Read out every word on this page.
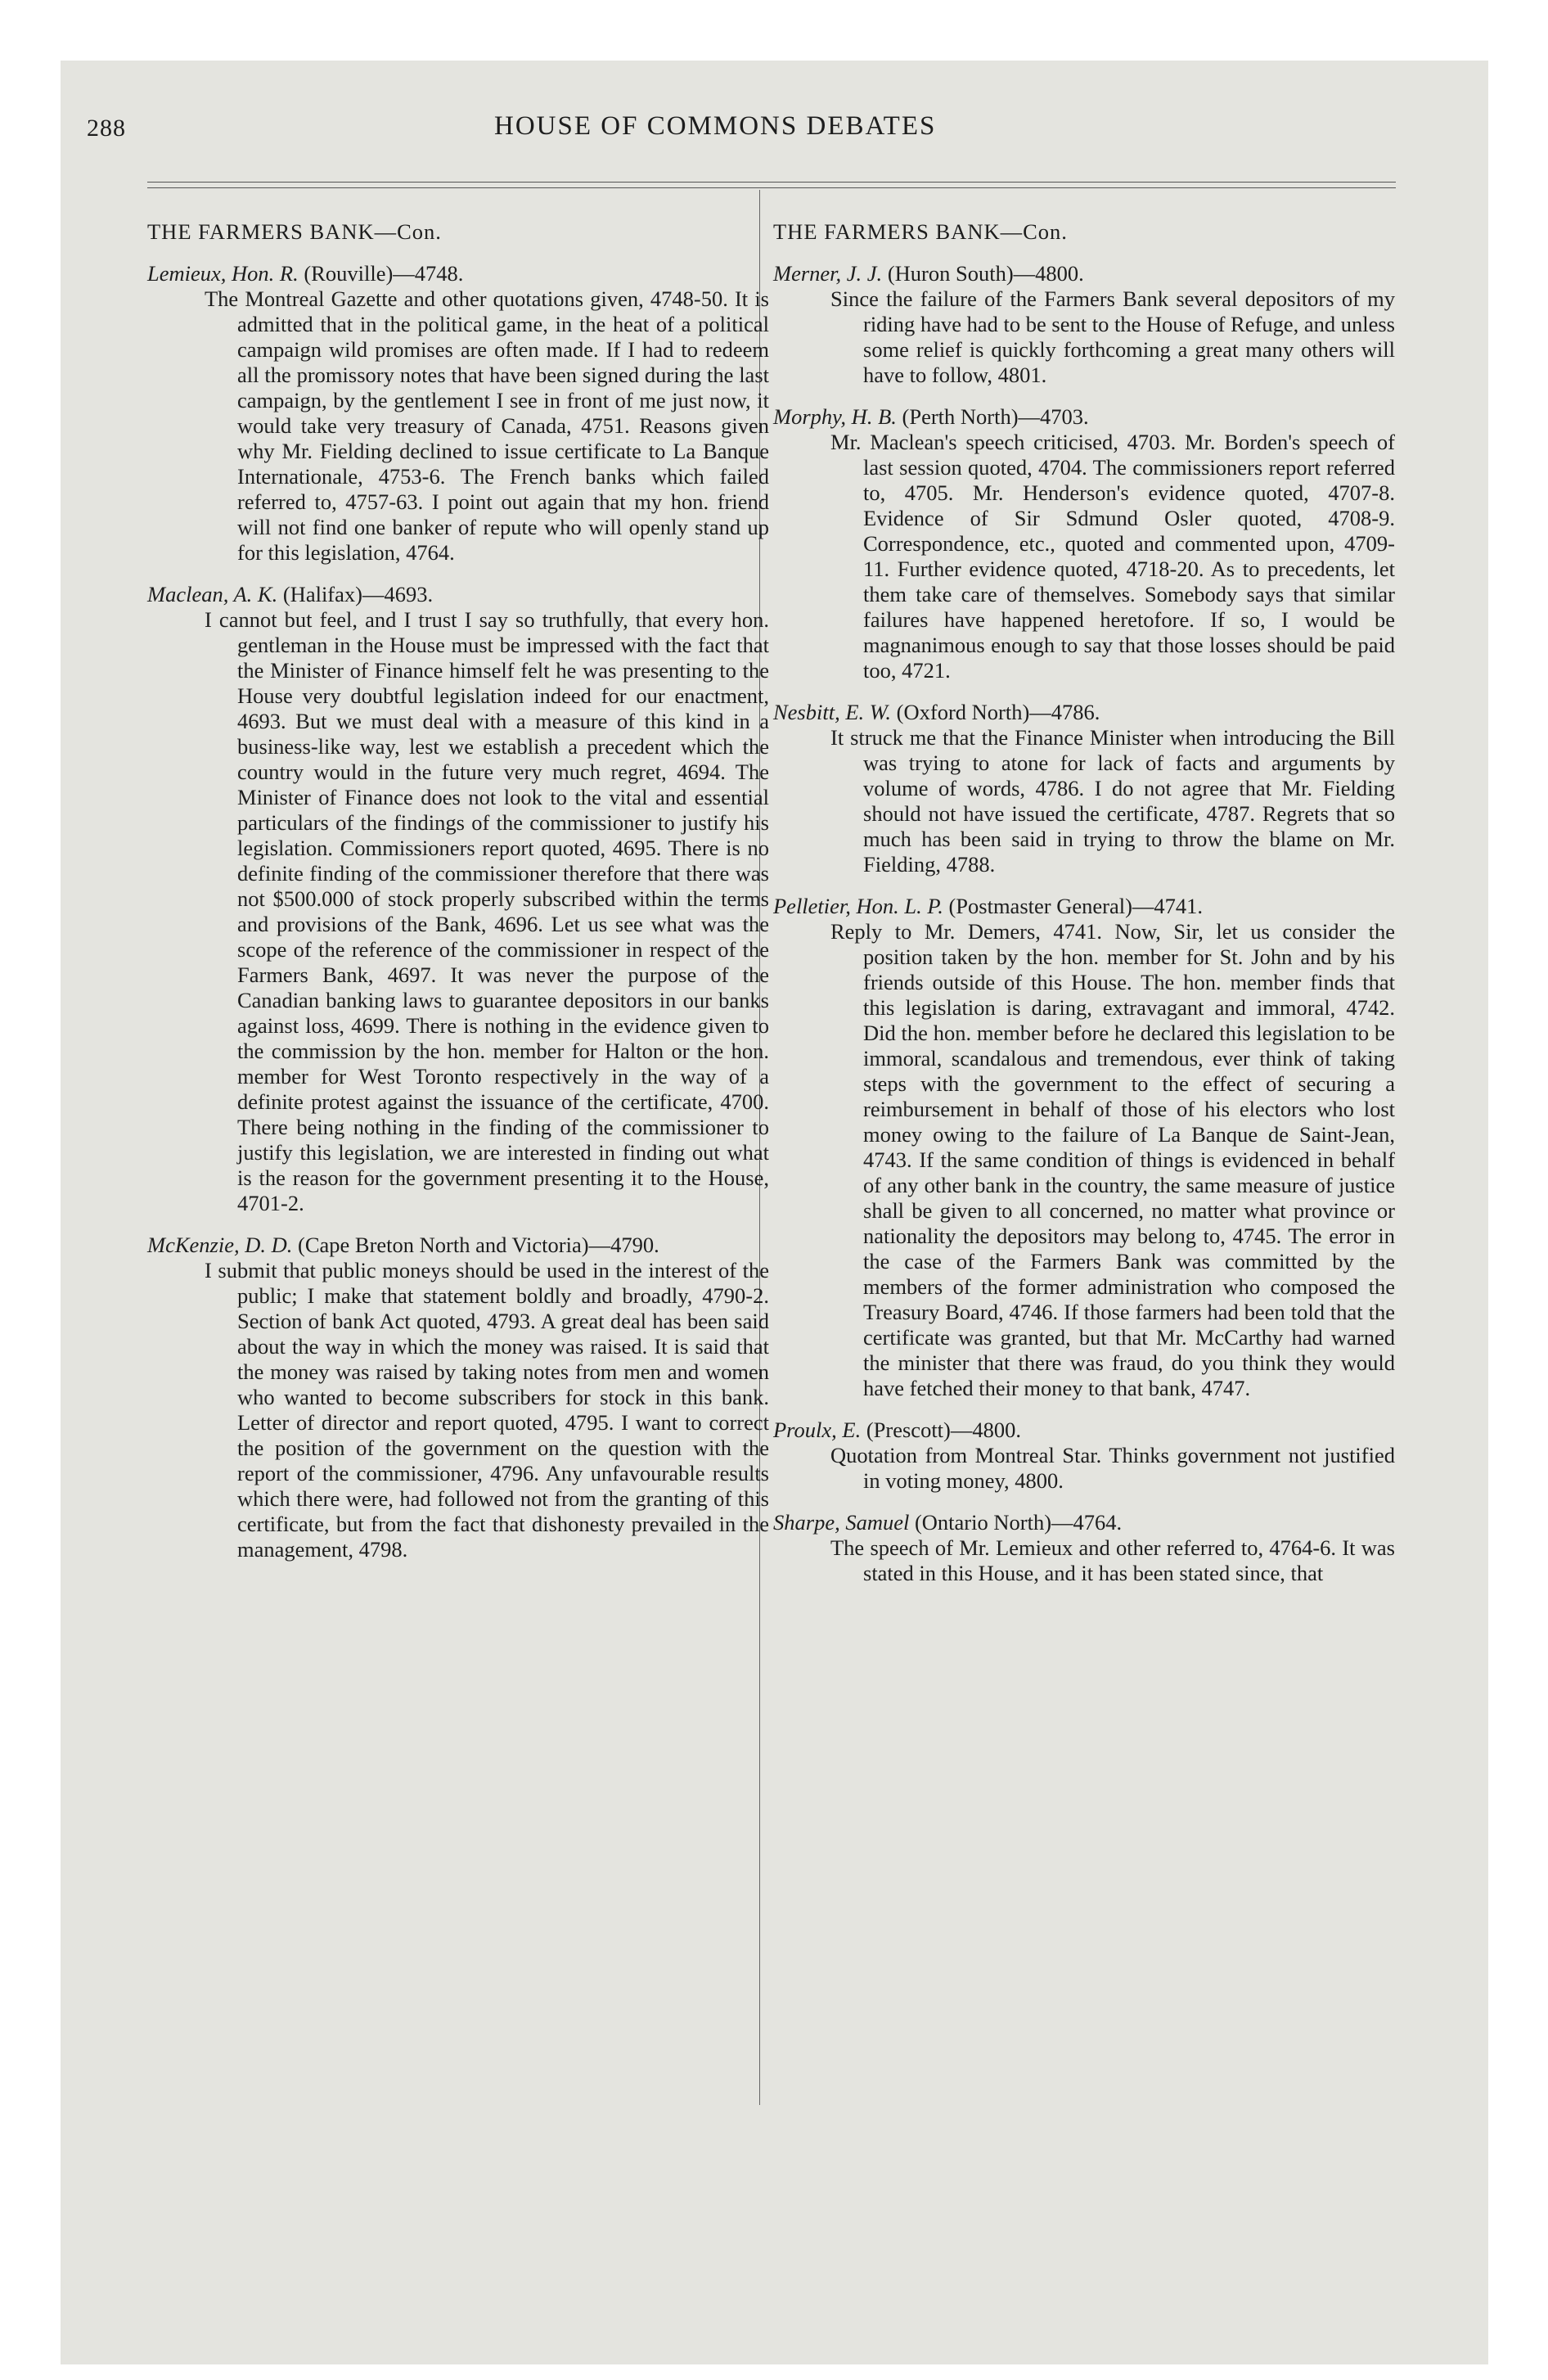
288	HOUSE OF COMMONS DEBATES
THE FARMERS BANK—Con.
Lemieux, Hon. R. (Rouville)—4748.
The Montreal Gazette and other quotations given, 4748-50. It is admitted that in the political game, in the heat of a political campaign wild promises are often made. If I had to redeem all the promissory notes that have been signed during the last campaign, by the gentlement I see in front of me just now, it would take very treasury of Canada, 4751. Reasons given why Mr. Fielding declined to issue certificate to La Banque Internationale, 4753-6. The French banks which failed referred to, 4757-63. I point out again that my hon. friend will not find one banker of repute who will openly stand up for this legislation, 4764.
Maclean, A. K. (Halifax)—4693.
I cannot but feel, and I trust I say so truthfully, that every hon. gentleman in the House must be impressed with the fact that the Minister of Finance himself felt he was presenting to the House very doubtful legislation indeed for our enactment, 4693. But we must deal with a measure of this kind in a business-like way, lest we establish a precedent which the country would in the future very much regret, 4694. The Minister of Finance does not look to the vital and essential particulars of the findings of the commissioner to justify his legislation. Commissioners report quoted, 4695. There is no definite finding of the commissioner therefore that there was not $500.000 of stock properly subscribed within the terms and provisions of the Bank, 4696. Let us see what was the scope of the reference of the commissioner in respect of the Farmers Bank, 4697. It was never the purpose of the Canadian banking laws to guarantee depositors in our banks against loss, 4699. There is nothing in the evidence given to the commission by the hon. member for Halton or the hon. member for West Toronto respectively in the way of a definite protest against the issuance of the certificate, 4700. There being nothing in the finding of the commissioner to justify this legislation, we are interested in finding out what is the reason for the government presenting it to the House, 4701-2.
McKenzie, D. D. (Cape Breton North and Victoria)—4790.
I submit that public moneys should be used in the interest of the public; I make that statement boldly and broadly, 4790-2. Section of bank Act quoted, 4793. A great deal has been said about the way in which the money was raised. It is said that the money was raised by taking notes from men and women who wanted to become subscribers for stock in this bank. Letter of director and report quoted, 4795. I want to correct the position of the government on the question with the report of the commissioner, 4796. Any unfavourable results which there were, had followed not from the granting of this certificate, but from the fact that dishonesty prevailed in the management, 4798.
THE FARMERS BANK—Con.
Merner, J. J. (Huron South)—4800.
Since the failure of the Farmers Bank several depositors of my riding have had to be sent to the House of Refuge, and unless some relief is quickly forthcoming a great many others will have to follow, 4801.
Morphy, H. B. (Perth North)—4703.
Mr. Maclean's speech criticised, 4703. Mr. Borden's speech of last session quoted, 4704. The commissioners report referred to, 4705. Mr. Henderson's evidence quoted, 4707-8. Evidence of Sir Sdmund Osler quoted, 4708-9. Correspondence, etc., quoted and commented upon, 4709-11. Further evidence quoted, 4718-20. As to precedents, let them take care of themselves. Somebody says that similar failures have happened heretofore. If so, I would be magnanimous enough to say that those losses should be paid too, 4721.
Nesbitt, E. W. (Oxford North)—4786.
It struck me that the Finance Minister when introducing the Bill was trying to atone for lack of facts and arguments by volume of words, 4786. I do not agree that Mr. Fielding should not have issued the certificate, 4787. Regrets that so much has been said in trying to throw the blame on Mr. Fielding, 4788.
Pelletier, Hon. L. P. (Postmaster General)—4741.
Reply to Mr. Demers, 4741. Now, Sir, let us consider the position taken by the hon. member for St. John and by his friends outside of this House. The hon. member finds that this legislation is daring, extravagant and immoral, 4742. Did the hon. member before he declared this legislation to be immoral, scandalous and tremendous, ever think of taking steps with the government to the effect of securing a reimbursement in behalf of those of his electors who lost money owing to the failure of La Banque de Saint-Jean, 4743. If the same condition of things is evidenced in behalf of any other bank in the country, the same measure of justice shall be given to all concerned, no matter what province or nationality the depositors may belong to, 4745. The error in the case of the Farmers Bank was committed by the members of the former administration who composed the Treasury Board, 4746. If those farmers had been told that the certificate was granted, but that Mr. McCarthy had warned the minister that there was fraud, do you think they would have fetched their money to that bank, 4747.
Proulx, E. (Prescott)—4800.
Quotation from Montreal Star. Thinks government not justified in voting money, 4800.
Sharpe, Samuel (Ontario North)—4764.
The speech of Mr. Lemieux and other referred to, 4764-6. It was stated in this House, and it has been stated since, that
